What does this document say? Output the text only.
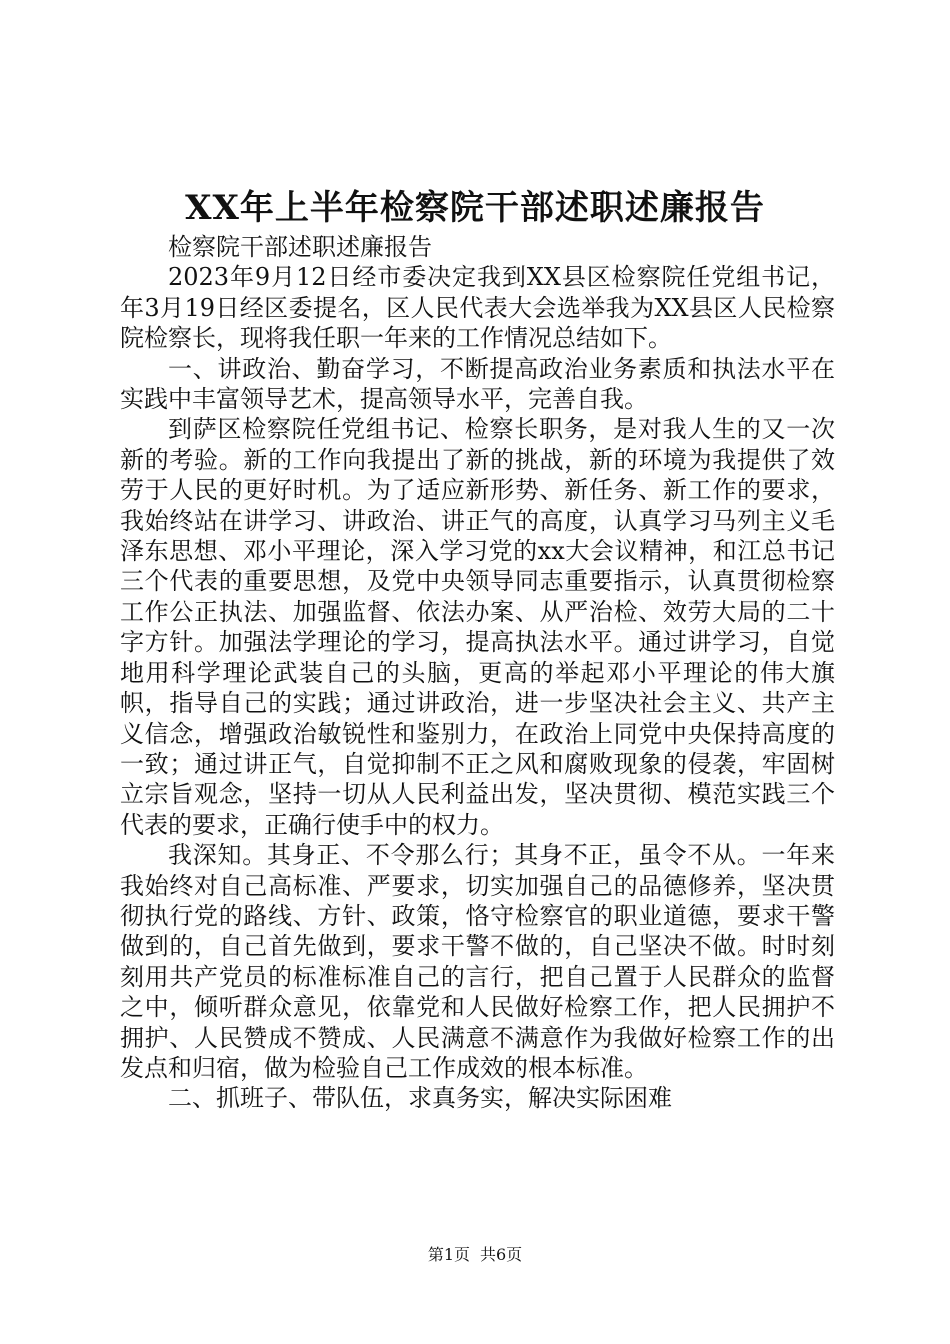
XX年上半年检察院干部述职述廉报告

检察院干部述职述廉报告

2023年9月12日经市委决定我到XX县区检察院任党组书记，年3月19日经区委提名，区人民代表大会选举我为XX县区人民检察院检察长，现将我任职一年来的工作情况总结如下。

一、讲政治、勤奋学习，不断提高政治业务素质和执法水平在实践中丰富领导艺术，提高领导水平，完善自我。

到萨区检察院任党组书记、检察长职务，是对我人生的又一次新的考验。新的工作向我提出了新的挑战，新的环境为我提供了效劳于人民的更好时机。为了适应新形势、新任务、新工作的要求，我始终站在讲学习、讲政治、讲正气的高度，认真学习马列主义毛泽东思想、邓小平理论，深入学习党的xx大会议精神，和江总书记三个代表的重要思想，及党中央领导同志重要指示，认真贯彻检察工作公正执法、加强监督、依法办案、从严治检、效劳大局的二十字方针。加强法学理论的学习，提高执法水平。通过讲学习，自觉地用科学理论武装自己的头脑，更高的举起邓小平理论的伟大旗帜，指导自己的实践；通过讲政治，进一步坚决社会主义、共产主义信念，增强政治敏锐性和鉴别力，在政治上同党中央保持高度的一致；通过讲正气，自觉抑制不正之风和腐败现象的侵袭，牢固树立宗旨观念，坚持一切从人民利益出发，坚决贯彻、模范实践三个代表的要求，正确行使手中的权力。

我深知。其身正、不令那么行；其身不正，虽令不从。一年来我始终对自己高标准、严要求，切实加强自己的品德修养，坚决贯彻执行党的路线、方针、政策，恪守检察官的职业道德，要求干警做到的，自己首先做到，要求干警不做的，自己坚决不做。时时刻刻用共产党员的标准标准自己的言行，把自己置于人民群众的监督之中，倾听群众意见，依靠党和人民做好检察工作，把人民拥护不拥护、人民赞成不赞成、人民满意不满意作为我做好检察工作的出发点和归宿，做为检验自己工作成效的根本标准。

二、抓班子、带队伍，求真务实，解决实际困难

第1页 共6页
